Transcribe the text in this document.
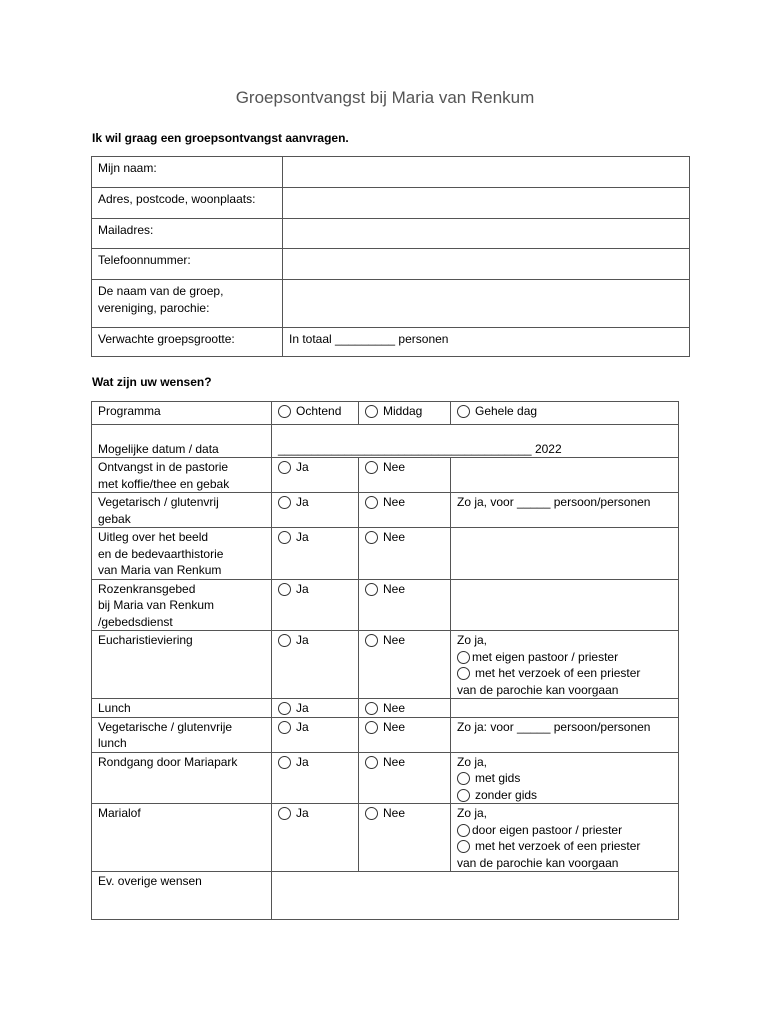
Groepsontvangst bij Maria van Renkum
Ik wil graag een groepsontvangst aanvragen.
Mijn naam:	
Adres, postcode, woonplaats:	
Mailadres:	
Telefoonnummer:	

De naam van de groep,
vereniging, parochie:	

Verwachte groepsgrootte:	In totaal _________ personen
Wat zijn uw wensen?
Programma	Ochtend	Middag	Gehele dag
Mogelijke datum / data	______________________________________ 2022		

Ontvangst in de pastorie
met koffie/thee en gebak	Ja	Nee	

Vegetarisch / glutenvrij
gebak	Ja	Nee	Zo ja, voor _____ persoon/personen

Uitleg over het beeld
en de bedevaarthistorie
van Maria van Renkum	Ja	Nee	

Rozenkransgebed
bij Maria van Renkum
/gebedsdienst	Ja	Nee	
Eucharistieviering	Ja	Nee	Zo ja,
met eigen pastoor / priester
met het verzoek of een priester
van de parochie kan voorgaan

Lunch	Ja	Nee	

Vegetarische / glutenvrije
lunch	Ja	Nee	Zo ja: voor _____ persoon/personen
Rondgang door Mariapark	Ja	Nee	Zo ja,
met gids
zonder gids

Marialof	Ja	Nee	Zo ja,
door eigen pastoor / priester
met het verzoek of een priester
van de parochie kan voorgaan

Ev. overige wensen			
